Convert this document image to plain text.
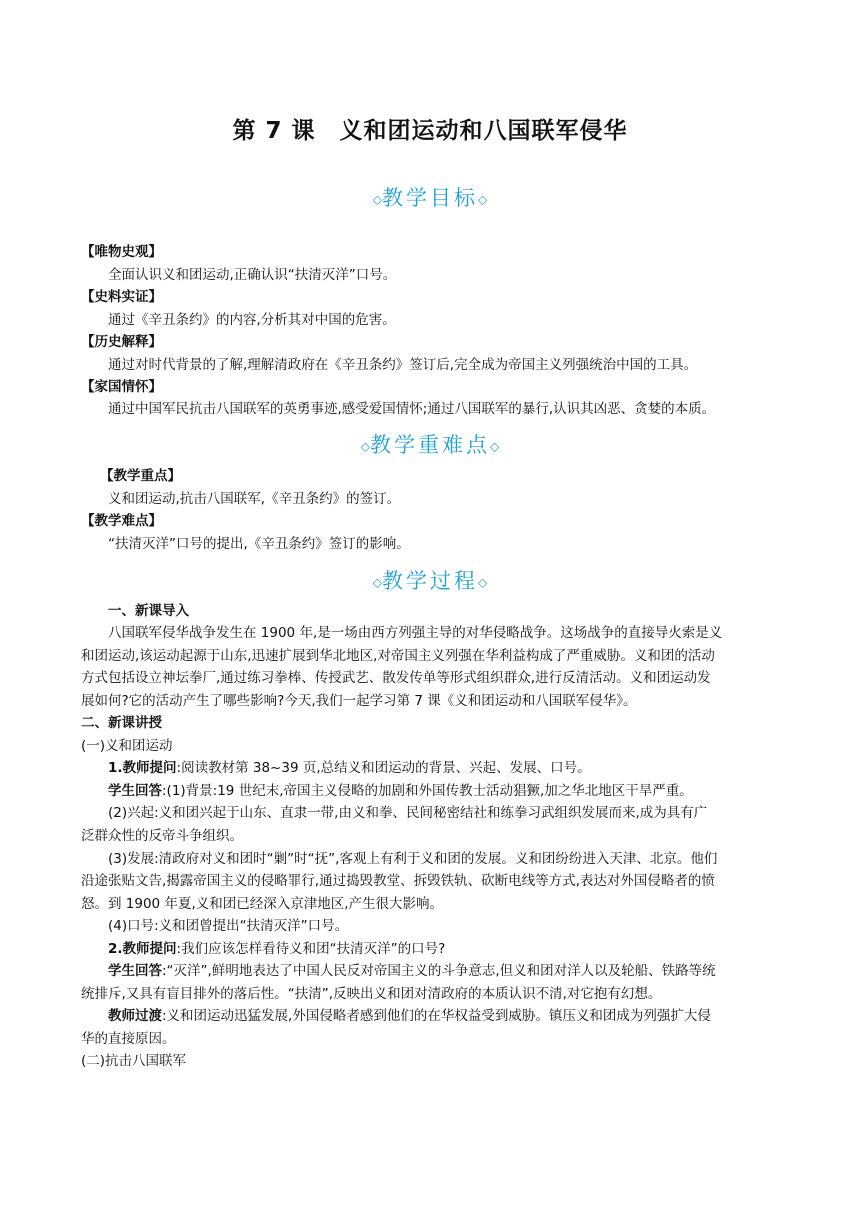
第 7 课　义和团运动和八国联军侵华
◇教学目标◇
【唯物史观】
全面认识义和团运动,正确认识“扶清灭洋”口号。
【史料实证】
通过《辛丑条约》的内容,分析其对中国的危害。
【历史解释】
通过对时代背景的了解,理解清政府在《辛丑条约》签订后,完全成为帝国主义列强统治中国的工具。
【家国情怀】
通过中国军民抗击八国联军的英勇事迹,感受爱国情怀;通过八国联军的暴行,认识其凶恶、贪婪的本质。
◇教学重难点◇
【教学重点】
义和团运动,抗击八国联军,《辛丑条约》的签订。
【教学难点】
“扶清灭洋”口号的提出,《辛丑条约》签订的影响。
◇教学过程◇
一、新课导入
八国联军侵华战争发生在 1900 年,是一场由西方列强主导的对华侵略战争。这场战争的直接导火索是义
和团运动,该运动起源于山东,迅速扩展到华北地区,对帝国主义列强在华利益构成了严重威胁。义和团的活动
方式包括设立神坛拳厂,通过练习拳棒、传授武艺、散发传单等形式组织群众,进行反清活动。义和团运动发
展如何?它的活动产生了哪些影响?今天,我们一起学习第 7 课《义和团运动和八国联军侵华》。
二、新课讲授
(一)义和团运动
1.教师提问:阅读教材第 38~39 页,总结义和团运动的背景、兴起、发展、口号。
学生回答:(1)背景:19 世纪末,帝国主义侵略的加剧和外国传教士活动猖獗,加之华北地区干旱严重。
(2)兴起:义和团兴起于山东、直隶一带,由义和拳、民间秘密结社和练拳习武组织发展而来,成为具有广
泛群众性的反帝斗争组织。
(3)发展:清政府对义和团时“剿”时“抚”,客观上有利于义和团的发展。义和团纷纷进入天津、北京。他们
沿途张贴文告,揭露帝国主义的侵略罪行,通过捣毁教堂、拆毁铁轨、砍断电线等方式,表达对外国侵略者的愤
怒。到 1900 年夏,义和团已经深入京津地区,产生很大影响。
(4)口号:义和团曾提出“扶清灭洋”口号。
2.教师提问:我们应该怎样看待义和团“扶清灭洋”的口号?
学生回答:“灭洋”,鲜明地表达了中国人民反对帝国主义的斗争意志,但义和团对洋人以及轮船、铁路等统
统排斥,又具有盲目排外的落后性。“扶清”,反映出义和团对清政府的本质认识不清,对它抱有幻想。
教师过渡:义和团运动迅猛发展,外国侵略者感到他们的在华权益受到威胁。镇压义和团成为列强扩大侵
华的直接原因。
(二)抗击八国联军
